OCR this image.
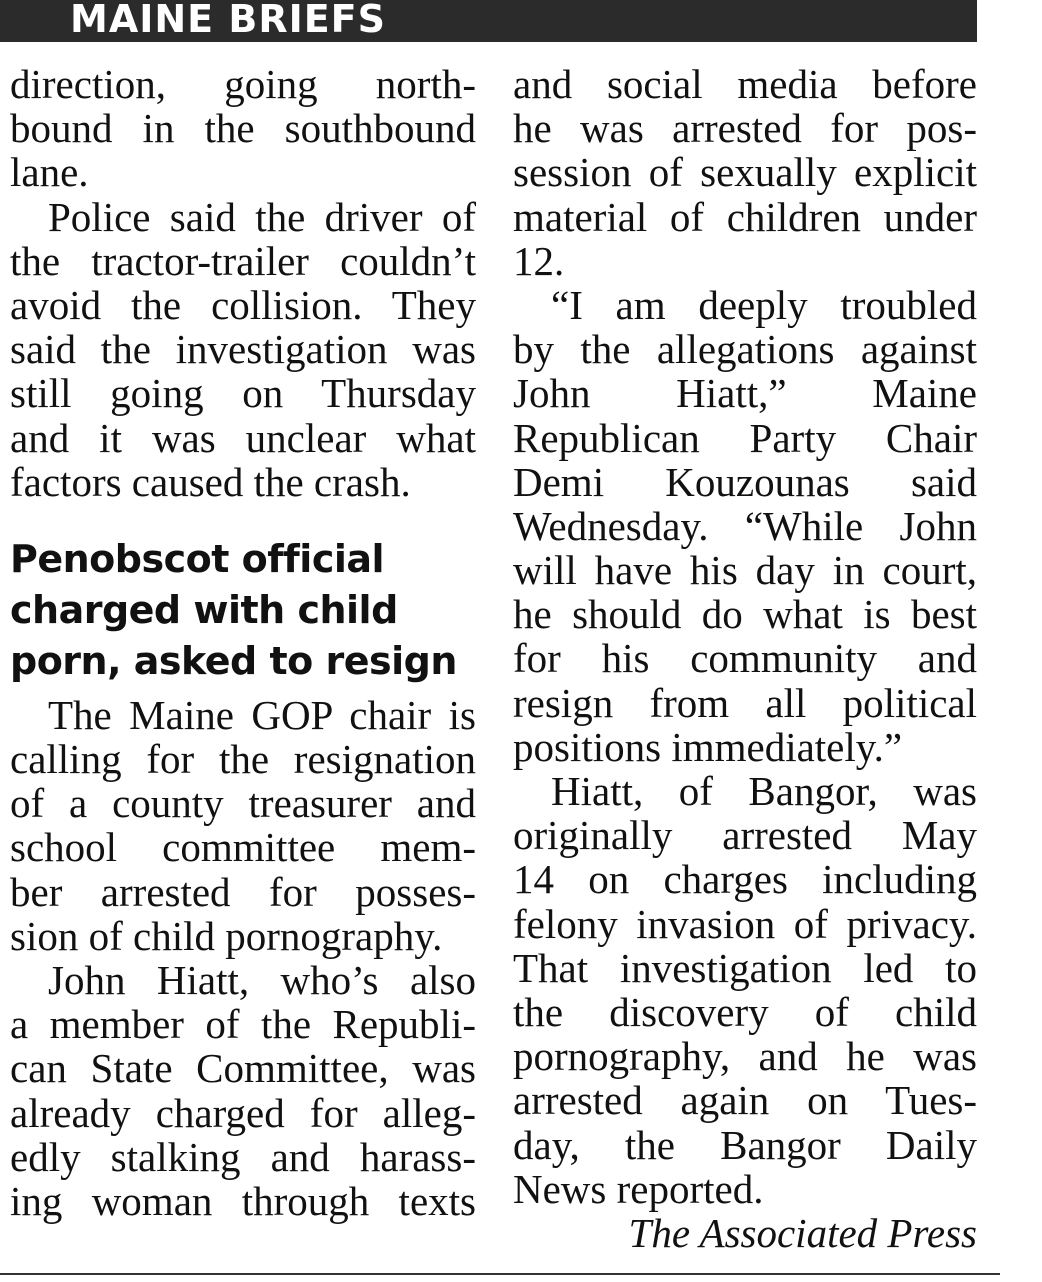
MAINE BRIEFS
direction, going north-
bound in the southbound
lane.
Police said the driver of
the tractor-trailer couldn’t
avoid the collision. They
said the investigation was
still going on Thursday
and it was unclear what
factors caused the crash.
Penobscot official
charged with child
porn, asked to resign
The Maine GOP chair is
calling for the resignation
of a county treasurer and
school committee mem-
ber arrested for posses-
sion of child pornography.
John Hiatt, who’s also
a member of the Republi-
can State Committee, was
already charged for alleg-
edly stalking and harass-
ing woman through texts
and social media before
he was arrested for pos-
session of sexually explicit
material of children under
12.
“I am deeply troubled
by the allegations against
John Hiatt,” Maine
Republican Party Chair
Demi Kouzounas said
Wednesday. “While John
will have his day in court,
he should do what is best
for his community and
resign from all political
positions immediately.”
Hiatt, of Bangor, was
originally arrested May
14 on charges including
felony invasion of privacy.
That investigation led to
the discovery of child
pornography, and he was
arrested again on Tues-
day, the Bangor Daily
News reported.
The Associated Press
